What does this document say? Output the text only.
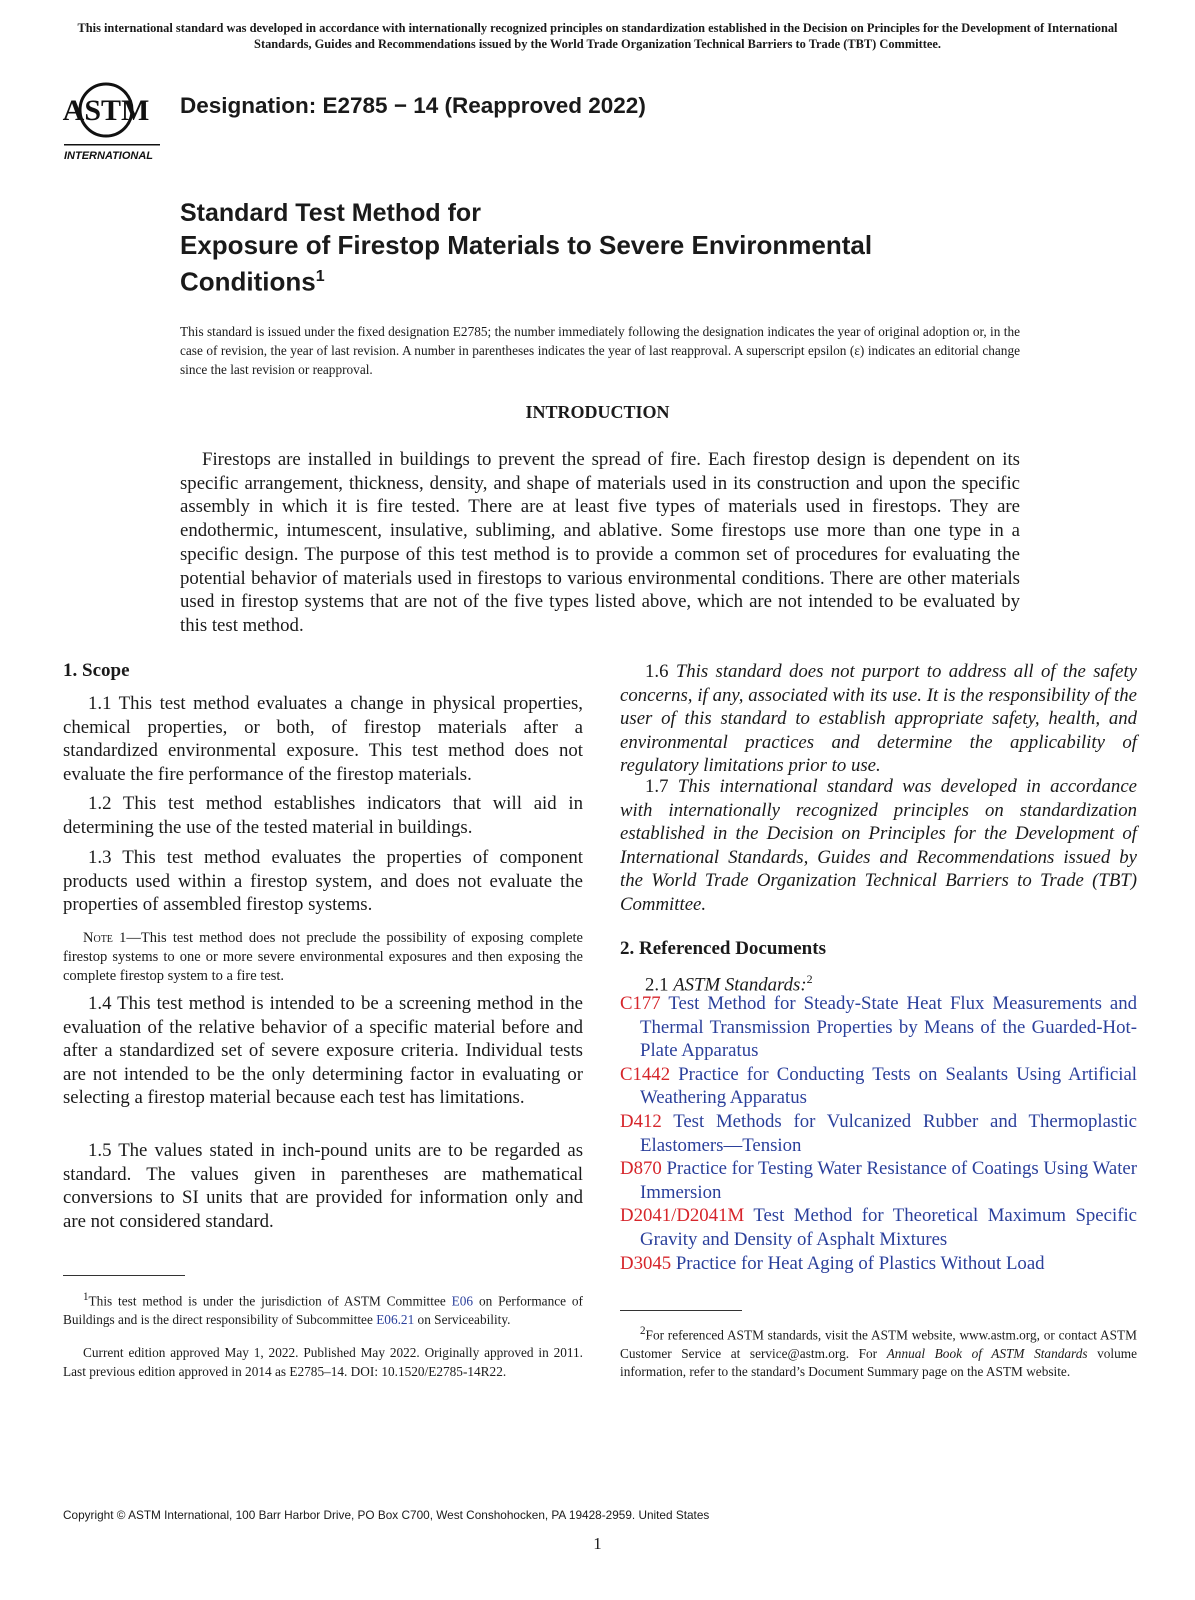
This international standard was developed in accordance with internationally recognized principles on standardization established in the Decision on Principles for the Development of International Standards, Guides and Recommendations issued by the World Trade Organization Technical Barriers to Trade (TBT) Committee.
ASTM
INTERNATIONAL
Designation: E2785 − 14 (Reapproved 2022)
Standard Test Method for
Exposure of Firestop Materials to Severe Environmental
Conditions$^1$
This standard is issued under the fixed designation E2785; the number immediately following the designation indicates the year of original adoption or, in the case of revision, the year of last revision. A number in parentheses indicates the year of last reapproval. A superscript epsilon (ε) indicates an editorial change since the last revision or reapproval.
INTRODUCTION
Firestops are installed in buildings to prevent the spread of fire. Each firestop design is dependent on its specific arrangement, thickness, density, and shape of materials used in its construction and upon the specific assembly in which it is fire tested. There are at least five types of materials used in firestops. They are endothermic, intumescent, insulative, subliming, and ablative. Some firestops use more than one type in a specific design. The purpose of this test method is to provide a common set of procedures for evaluating the potential behavior of materials used in firestops to various environmental conditions. There are other materials used in firestop systems that are not of the five types listed above, which are not intended to be evaluated by this test method.
1. Scope
1.1 This test method evaluates a change in physical properties, chemical properties, or both, of firestop materials after a standardized environmental exposure. This test method does not evaluate the fire performance of the firestop materials.
1.2 This test method establishes indicators that will aid in determining the use of the tested material in buildings.
1.3 This test method evaluates the properties of component products used within a firestop system, and does not evaluate the properties of assembled firestop systems.
Note 1—This test method does not preclude the possibility of exposing complete firestop systems to one or more severe environmental exposures and then exposing the complete firestop system to a fire test.
1.4 This test method is intended to be a screening method in the evaluation of the relative behavior of a specific material before and after a standardized set of severe exposure criteria. Individual tests are not intended to be the only determining factor in evaluating or selecting a firestop material because each test has limitations.
1.5 The values stated in inch-pound units are to be regarded as standard. The values given in parentheses are mathematical conversions to SI units that are provided for information only and are not considered standard.
$^1$This test method is under the jurisdiction of ASTM Committee E06 on Performance of Buildings and is the direct responsibility of Subcommittee E06.21 on Serviceability.
Current edition approved May 1, 2022. Published May 2022. Originally approved in 2011. Last previous edition approved in 2014 as E2785–14. DOI: 10.1520/E2785-14R22.
1.6 This standard does not purport to address all of the safety concerns, if any, associated with its use. It is the responsibility of the user of this standard to establish appropriate safety, health, and environmental practices and determine the applicability of regulatory limitations prior to use.
1.7 This international standard was developed in accordance with internationally recognized principles on standardization established in the Decision on Principles for the Development of International Standards, Guides and Recommendations issued by the World Trade Organization Technical Barriers to Trade (TBT) Committee.
2. Referenced Documents
2.1 ASTM Standards:$^2$
C177 Test Method for Steady-State Heat Flux Measurements and Thermal Transmission Properties by Means of the Guarded-Hot-Plate Apparatus
C1442 Practice for Conducting Tests on Sealants Using Artificial Weathering Apparatus
D412 Test Methods for Vulcanized Rubber and Thermoplastic Elastomers—Tension
D870 Practice for Testing Water Resistance of Coatings Using Water Immersion
D2041/D2041M Test Method for Theoretical Maximum Specific Gravity and Density of Asphalt Mixtures
D3045 Practice for Heat Aging of Plastics Without Load
$^2$For referenced ASTM standards, visit the ASTM website, www.astm.org, or contact ASTM Customer Service at service@astm.org. For Annual Book of ASTM Standards volume information, refer to the standard’s Document Summary page on the ASTM website.
Copyright © ASTM International, 100 Barr Harbor Drive, PO Box C700, West Conshohocken, PA 19428-2959. United States
1
